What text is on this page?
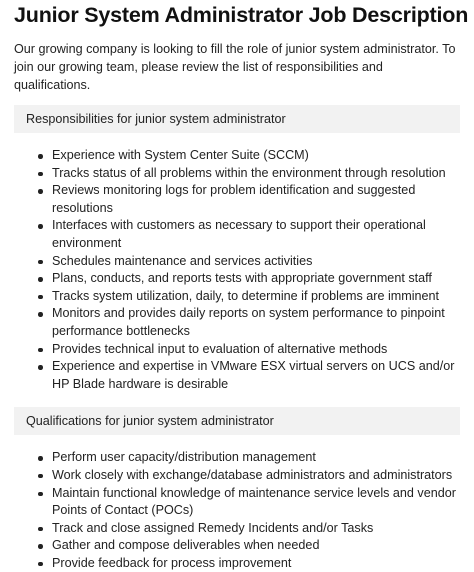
Junior System Administrator Job Description

Our growing company is looking to fill the role of junior system administrator. To join our growing team, please review the list of responsibilities and qualifications.

Responsibilities for junior system administrator
Experience with System Center Suite (SCCM)
Tracks status of all problems within the environment through resolution
Reviews monitoring logs for problem identification and suggested resolutions
Interfaces with customers as necessary to support their operational environment
Schedules maintenance and services activities
Plans, conducts, and reports tests with appropriate government staff
Tracks system utilization, daily, to determine if problems are imminent
Monitors and provides daily reports on system performance to pinpoint performance bottlenecks
Provides technical input to evaluation of alternative methods
Experience and expertise in VMware ESX virtual servers on UCS and/or HP Blade hardware is desirable
Qualifications for junior system administrator
Perform user capacity/distribution management
Work closely with exchange/database administrators and administrators
Maintain functional knowledge of maintenance service levels and vendor Points of Contact (POCs)
Track and close assigned Remedy Incidents and/or Tasks
Gather and compose deliverables when needed
Provide feedback for process improvement
